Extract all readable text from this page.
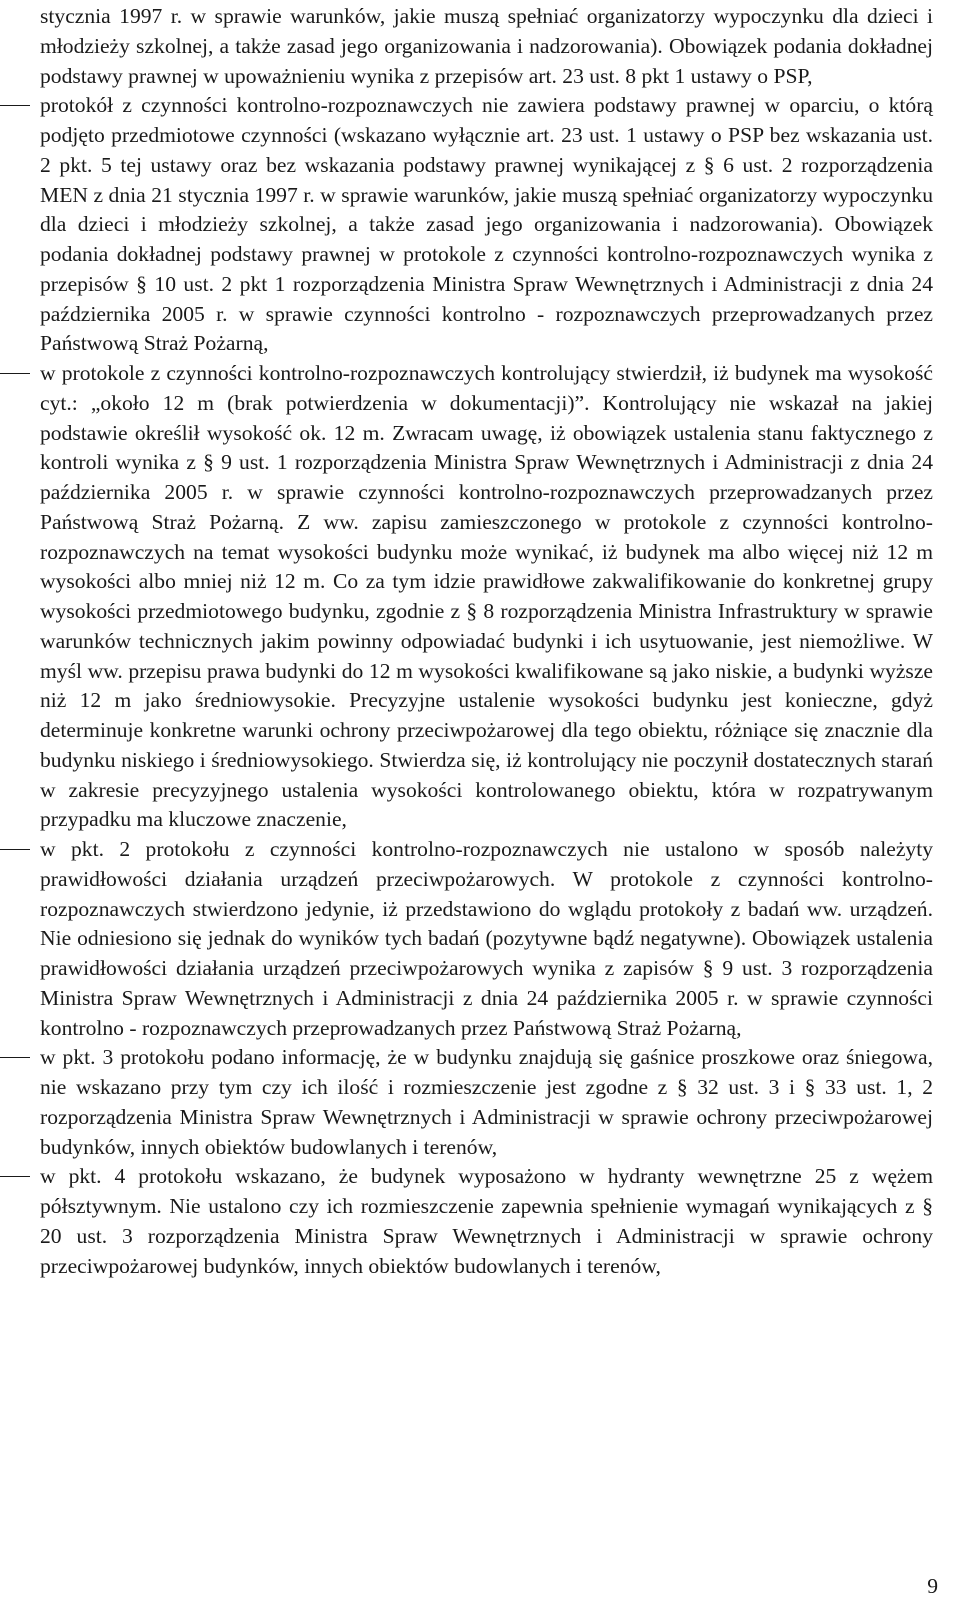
stycznia 1997 r. w sprawie warunków, jakie muszą spełniać organizatorzy wypoczynku dla dzieci i młodzieży szkolnej, a także zasad jego organizowania i nadzorowania). Obowiązek podania dokładnej podstawy prawnej w upoważnieniu wynika z przepisów art. 23 ust. 8 pkt 1 ustawy o PSP,

protokół z czynności kontrolno-rozpoznawczych nie zawiera podstawy prawnej w oparciu, o którą podjęto przedmiotowe czynności (wskazano wyłącznie art. 23 ust. 1 ustawy o PSP bez wskazania ust. 2 pkt. 5 tej ustawy oraz bez wskazania podstawy prawnej wynikającej z § 6 ust. 2 rozporządzenia MEN z dnia 21 stycznia 1997 r. w sprawie warunków, jakie muszą spełniać organizatorzy wypoczynku dla dzieci i młodzieży szkolnej, a także zasad jego organizowania i nadzorowania). Obowiązek podania dokładnej podstawy prawnej w protokole z czynności kontrolno-rozpoznawczych wynika z przepisów § 10 ust. 2 pkt 1 rozporządzenia Ministra Spraw Wewnętrznych i Administracji z dnia 24 października 2005 r. w sprawie czynności kontrolno - rozpoznawczych przeprowadzanych przez Państwową Straż Pożarną,

w protokole z czynności kontrolno-rozpoznawczych kontrolujący stwierdził, iż budynek ma wysokość cyt.: „około 12 m (brak potwierdzenia w dokumentacji)”. Kontrolujący nie wskazał na jakiej podstawie określił wysokość ok. 12 m. Zwracam uwagę, iż obowiązek ustalenia stanu faktycznego z kontroli wynika z § 9 ust. 1 rozporządzenia Ministra Spraw Wewnętrznych i Administracji z dnia 24 października 2005 r. w sprawie czynności kontrolno-rozpoznawczych przeprowadzanych przez Państwową Straż Pożarną. Z ww. zapisu zamieszczonego w protokole z czynności kontrolno-rozpoznawczych na temat wysokości budynku może wynikać, iż budynek ma albo więcej niż 12 m wysokości albo mniej niż 12 m. Co za tym idzie prawidłowe zakwalifikowanie do konkretnej grupy wysokości przedmiotowego budynku, zgodnie z § 8 rozporządzenia Ministra Infrastruktury w sprawie warunków technicznych jakim powinny odpowiadać budynki i ich usytuowanie, jest niemożliwe. W myśl ww. przepisu prawa budynki do 12 m wysokości kwalifikowane są jako niskie, a budynki wyższe niż 12 m jako średniowysokie. Precyzyjne ustalenie wysokości budynku jest konieczne, gdyż determinuje konkretne warunki ochrony przeciwpożarowej dla tego obiektu, różniące się znacznie dla budynku niskiego i średniowysokiego. Stwierdza się, iż kontrolujący nie poczynił dostatecznych starań w zakresie precyzyjnego ustalenia wysokości kontrolowanego obiektu, która w rozpatrywanym przypadku ma kluczowe znaczenie,

w pkt. 2 protokołu z czynności kontrolno-rozpoznawczych nie ustalono w sposób należyty prawidłowości działania urządzeń przeciwpożarowych. W protokole z czynności kontrolno-rozpoznawczych stwierdzono jedynie, iż przedstawiono do wglądu protokoły z badań ww. urządzeń. Nie odniesiono się jednak do wyników tych badań (pozytywne bądź negatywne). Obowiązek ustalenia prawidłowości działania urządzeń przeciwpożarowych wynika z zapisów § 9 ust. 3 rozporządzenia Ministra Spraw Wewnętrznych i Administracji z dnia 24 października 2005 r. w sprawie czynności kontrolno - rozpoznawczych przeprowadzanych przez Państwową Straż Pożarną,

w pkt. 3 protokołu podano informację, że w budynku znajdują się gaśnice proszkowe oraz śniegowa, nie wskazano przy tym czy ich ilość i rozmieszczenie jest zgodne z § 32 ust. 3 i § 33 ust. 1, 2 rozporządzenia Ministra Spraw Wewnętrznych i Administracji w sprawie ochrony przeciwpożarowej budynków, innych obiektów budowlanych i terenów,

w pkt. 4 protokołu wskazano, że budynek wyposażono w hydranty wewnętrzne 25 z wężem półsztywnym. Nie ustalono czy ich rozmieszczenie zapewnia spełnienie wymagań wynikających z § 20 ust. 3 rozporządzenia Ministra Spraw Wewnętrznych i Administracji w sprawie ochrony przeciwpożarowej budynków, innych obiektów budowlanych i terenów,

9
